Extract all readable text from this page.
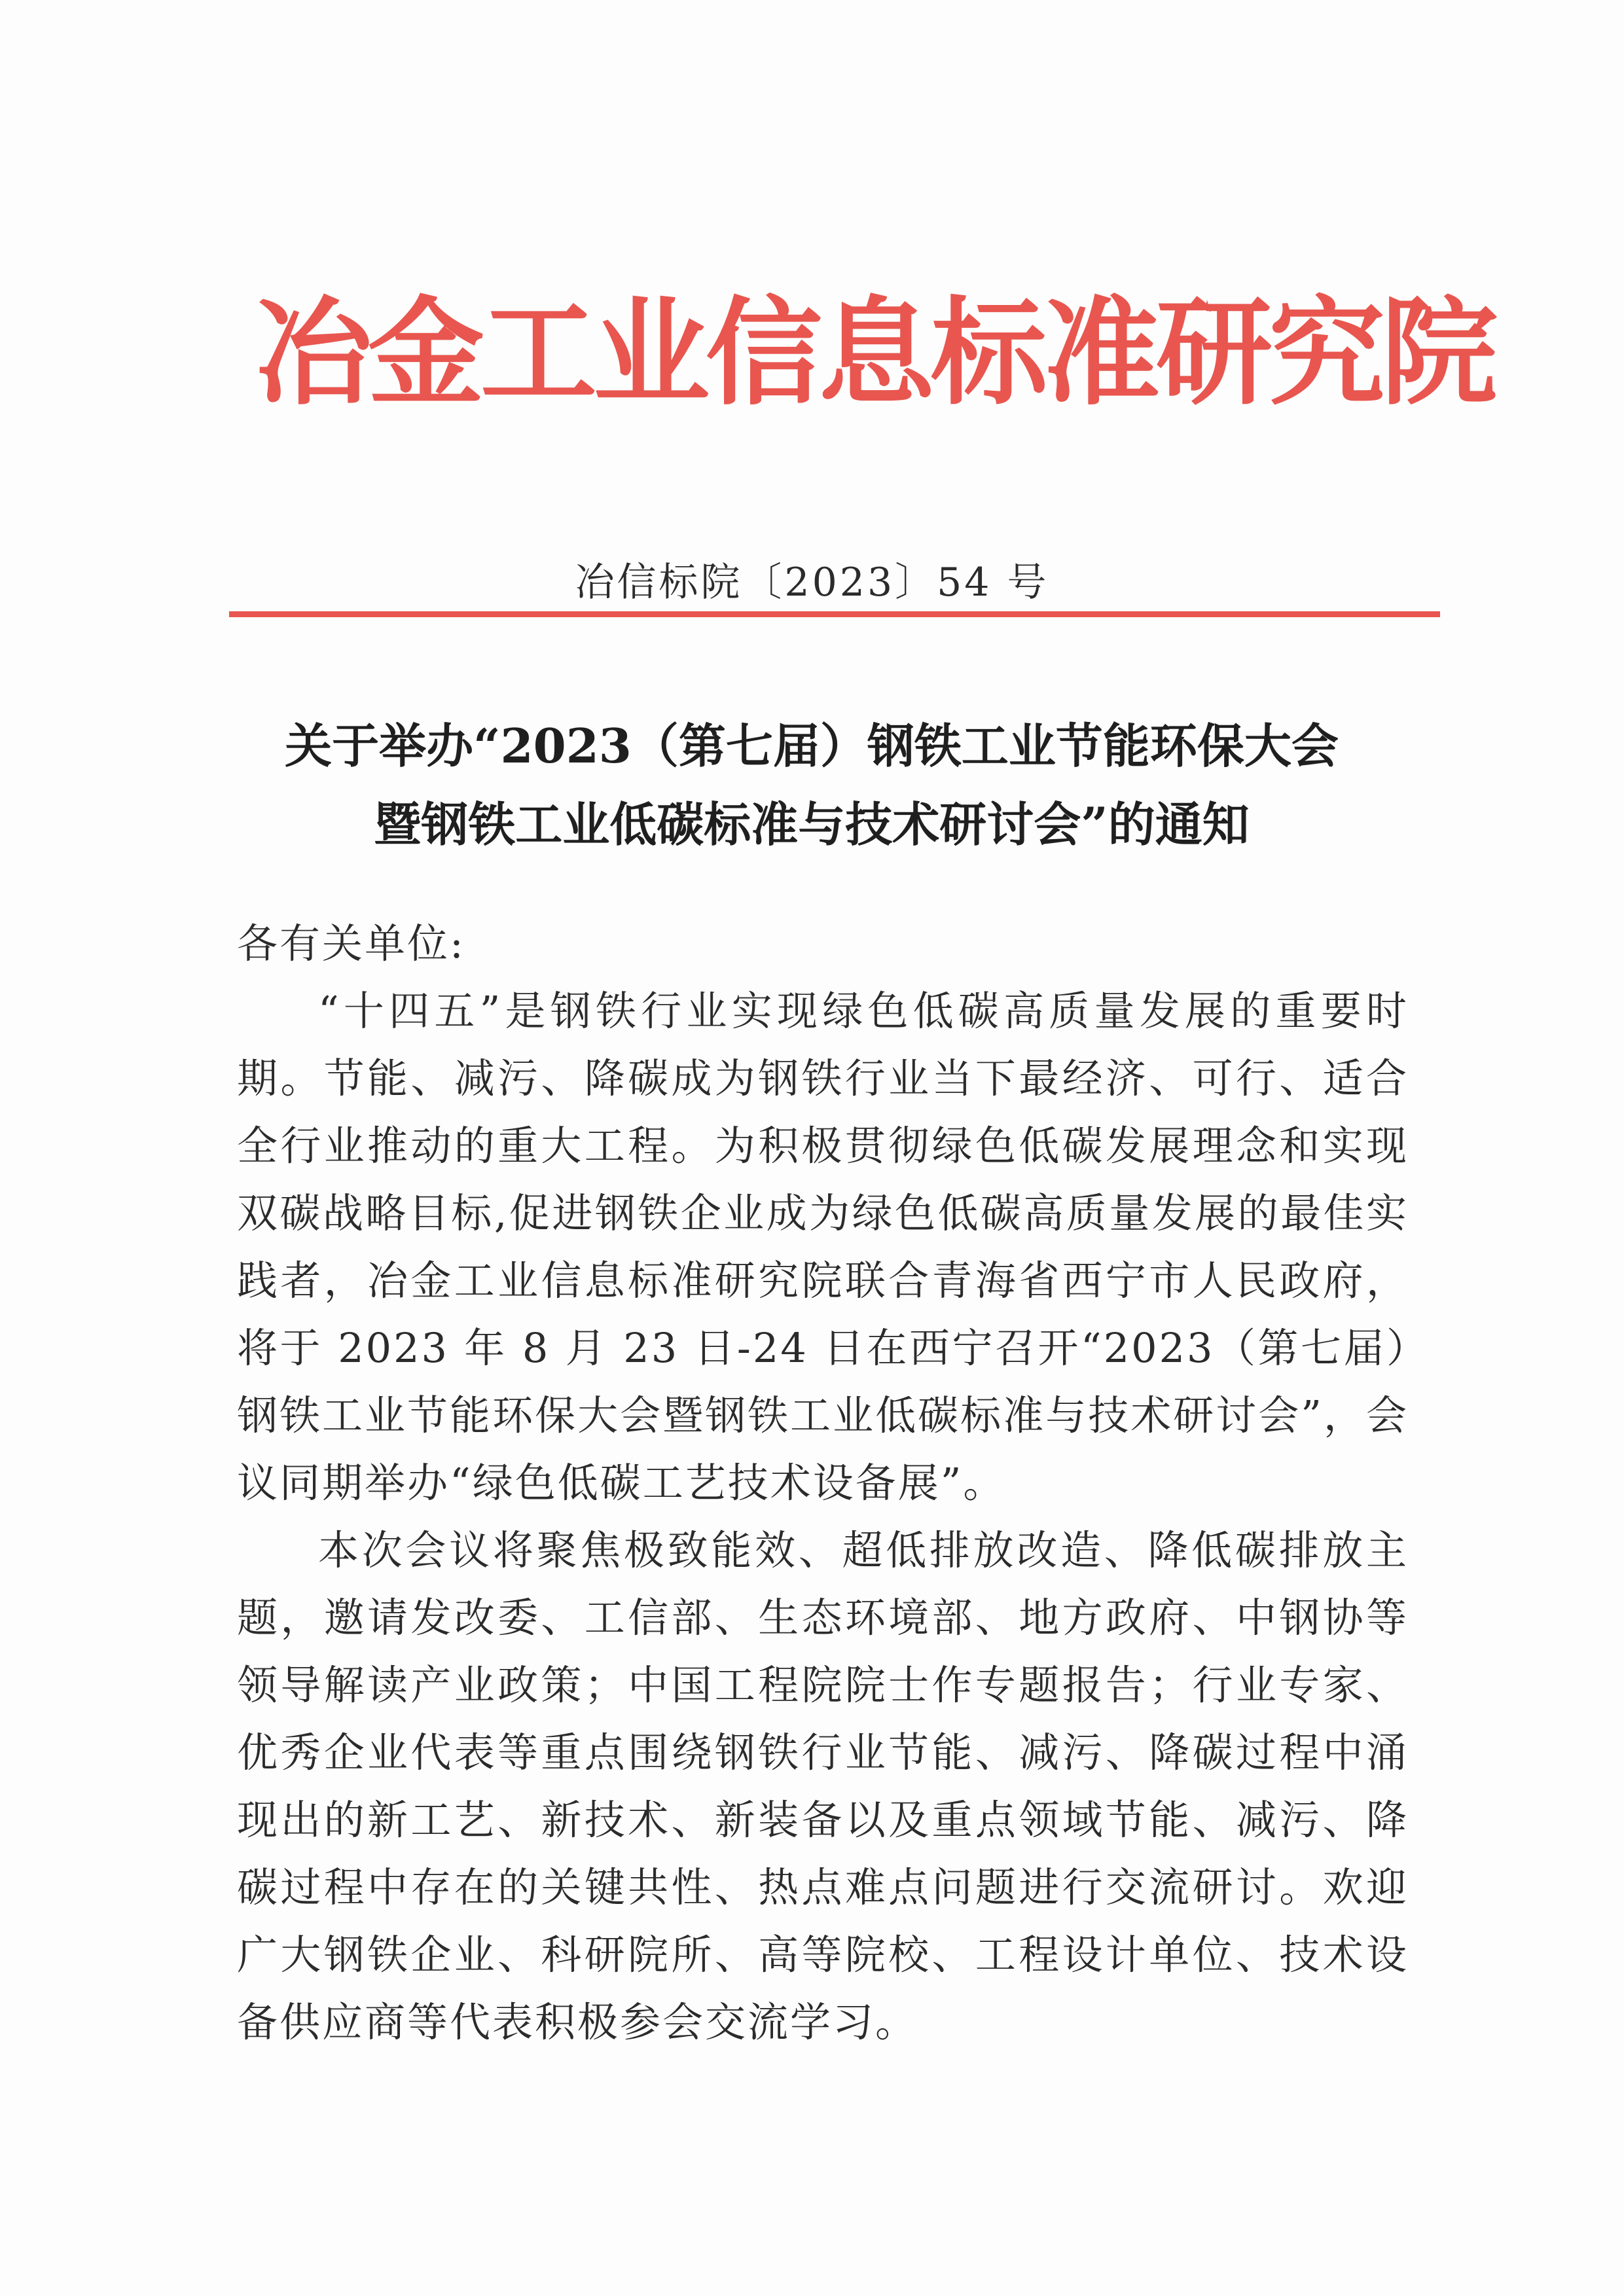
冶金工业信息标准研究院
冶信标院〔2023〕54 号
关于举办“2023（第七届）钢铁工业节能环保大会
暨钢铁工业低碳标准与技术研讨会”的通知

各有关单位:

“十四五”是钢铁行业实现绿色低碳高质量发展的重要时期。节能、减污、降碳成为钢铁行业当下最经济、可行、适合全行业推动的重大工程。为积极贯彻绿色低碳发展理念和实现双碳战略目标,促进钢铁企业成为绿色低碳高质量发展的最佳实践者，冶金工业信息标准研究院联合青海省西宁市人民政府，将于 2023 年 8 月 23 日-24 日在西宁召开“2023（第七届）钢铁工业节能环保大会暨钢铁工业低碳标准与技术研讨会”，会议同期举办“绿色低碳工艺技术设备展”。

本次会议将聚焦极致能效、超低排放改造、降低碳排放主题，邀请发改委、工信部、生态环境部、地方政府、中钢协等领导解读产业政策；中国工程院院士作专题报告；行业专家、优秀企业代表等重点围绕钢铁行业节能、减污、降碳过程中涌现出的新工艺、新技术、新装备以及重点领域节能、减污、降碳过程中存在的关键共性、热点难点问题进行交流研讨。欢迎广大钢铁企业、科研院所、高等院校、工程设计单位、技术设备供应商等代表积极参会交流学习。
